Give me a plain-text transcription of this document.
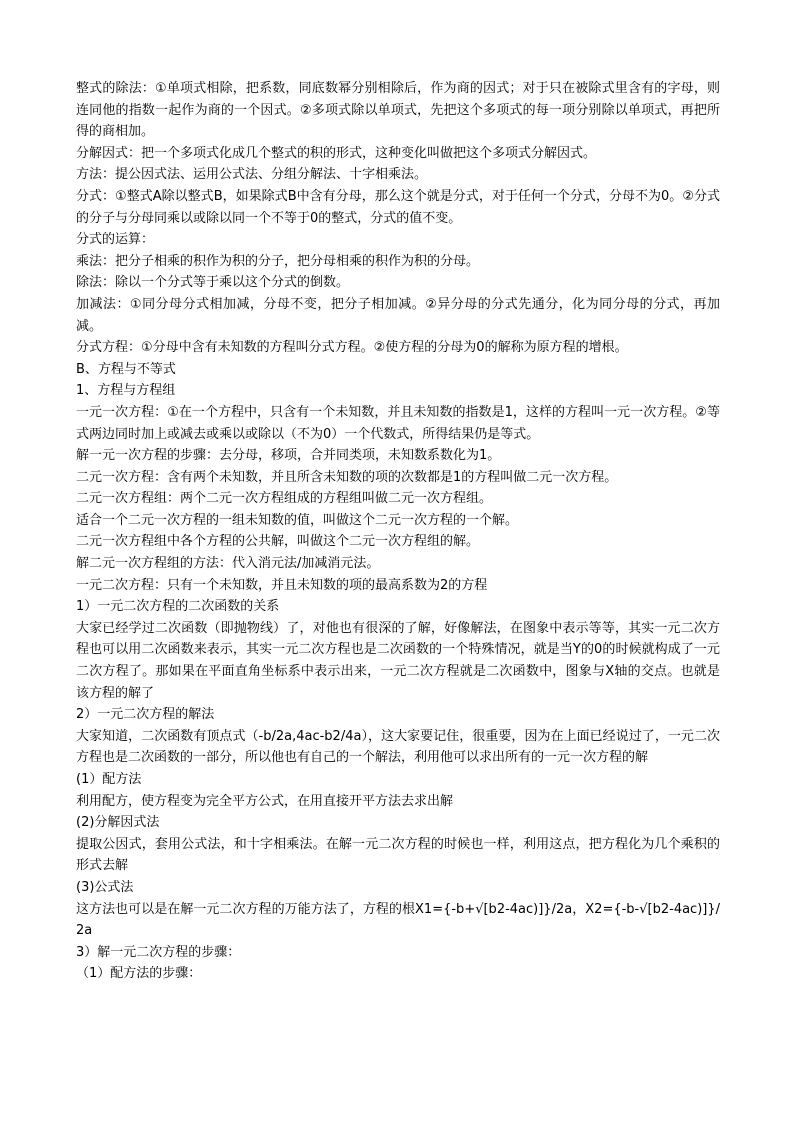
整式的除法：①单项式相除，把系数，同底数幂分别相除后，作为商的因式；对于只在被除式里含有的字母，则连同他的指数一起作为商的一个因式。②多项式除以单项式，先把这个多项式的每一项分别除以单项式，再把所得的商相加。

分解因式：把一个多项式化成几个整式的积的形式，这种变化叫做把这个多项式分解因式。

方法：提公因式法、运用公式法、分组分解法、十字相乘法。

分式：①整式A除以整式B，如果除式B中含有分母，那么这个就是分式，对于任何一个分式，分母不为0。②分式的分子与分母同乘以或除以同一个不等于0的整式，分式的值不变。

分式的运算：

乘法：把分子相乘的积作为积的分子，把分母相乘的积作为积的分母。

除法：除以一个分式等于乘以这个分式的倒数。

加减法：①同分母分式相加减，分母不变，把分子相加减。②异分母的分式先通分，化为同分母的分式，再加减。

分式方程：①分母中含有未知数的方程叫分式方程。②使方程的分母为0的解称为原方程的增根。

B、方程与不等式

1、方程与方程组

一元一次方程：①在一个方程中，只含有一个未知数，并且未知数的指数是1，这样的方程叫一元一次方程。②等式两边同时加上或减去或乘以或除以（不为0）一个代数式，所得结果仍是等式。

解一元一次方程的步骤：去分母，移项，合并同类项，未知数系数化为1。

二元一次方程：含有两个未知数，并且所含未知数的项的次数都是1的方程叫做二元一次方程。

二元一次方程组：两个二元一次方程组成的方程组叫做二元一次方程组。

适合一个二元一次方程的一组未知数的值，叫做这个二元一次方程的一个解。

二元一次方程组中各个方程的公共解，叫做这个二元一次方程组的解。

解二元一次方程组的方法：代入消元法/加减消元法。

一元二次方程：只有一个未知数，并且未知数的项的最高系数为2的方程

1）一元二次方程的二次函数的关系

大家已经学过二次函数（即抛物线）了，对他也有很深的了解，好像解法，在图象中表示等等，其实一元二次方程也可以用二次函数来表示，其实一元二次方程也是二次函数的一个特殊情况，就是当Y的0的时候就构成了一元二次方程了。那如果在平面直角坐标系中表示出来，一元二次方程就是二次函数中，图象与X轴的交点。也就是该方程的解了

2）一元二次方程的解法

大家知道，二次函数有顶点式（-b/2a,4ac-b2/4a），这大家要记住，很重要，因为在上面已经说过了，一元二次方程也是二次函数的一部分，所以他也有自己的一个解法，利用他可以求出所有的一元一次方程的解

(1）配方法

利用配方，使方程变为完全平方公式，在用直接开平方法去求出解

(2)分解因式法

提取公因式，套用公式法，和十字相乘法。在解一元二次方程的时候也一样，利用这点，把方程化为几个乘积的形式去解

(3)公式法

这方法也可以是在解一元二次方程的万能方法了，方程的根X1={-b+√[b2-4ac)]}/2a，X2={-b-√[b2-4ac)]}/2a

3）解一元二次方程的步骤：

（1）配方法的步骤：
